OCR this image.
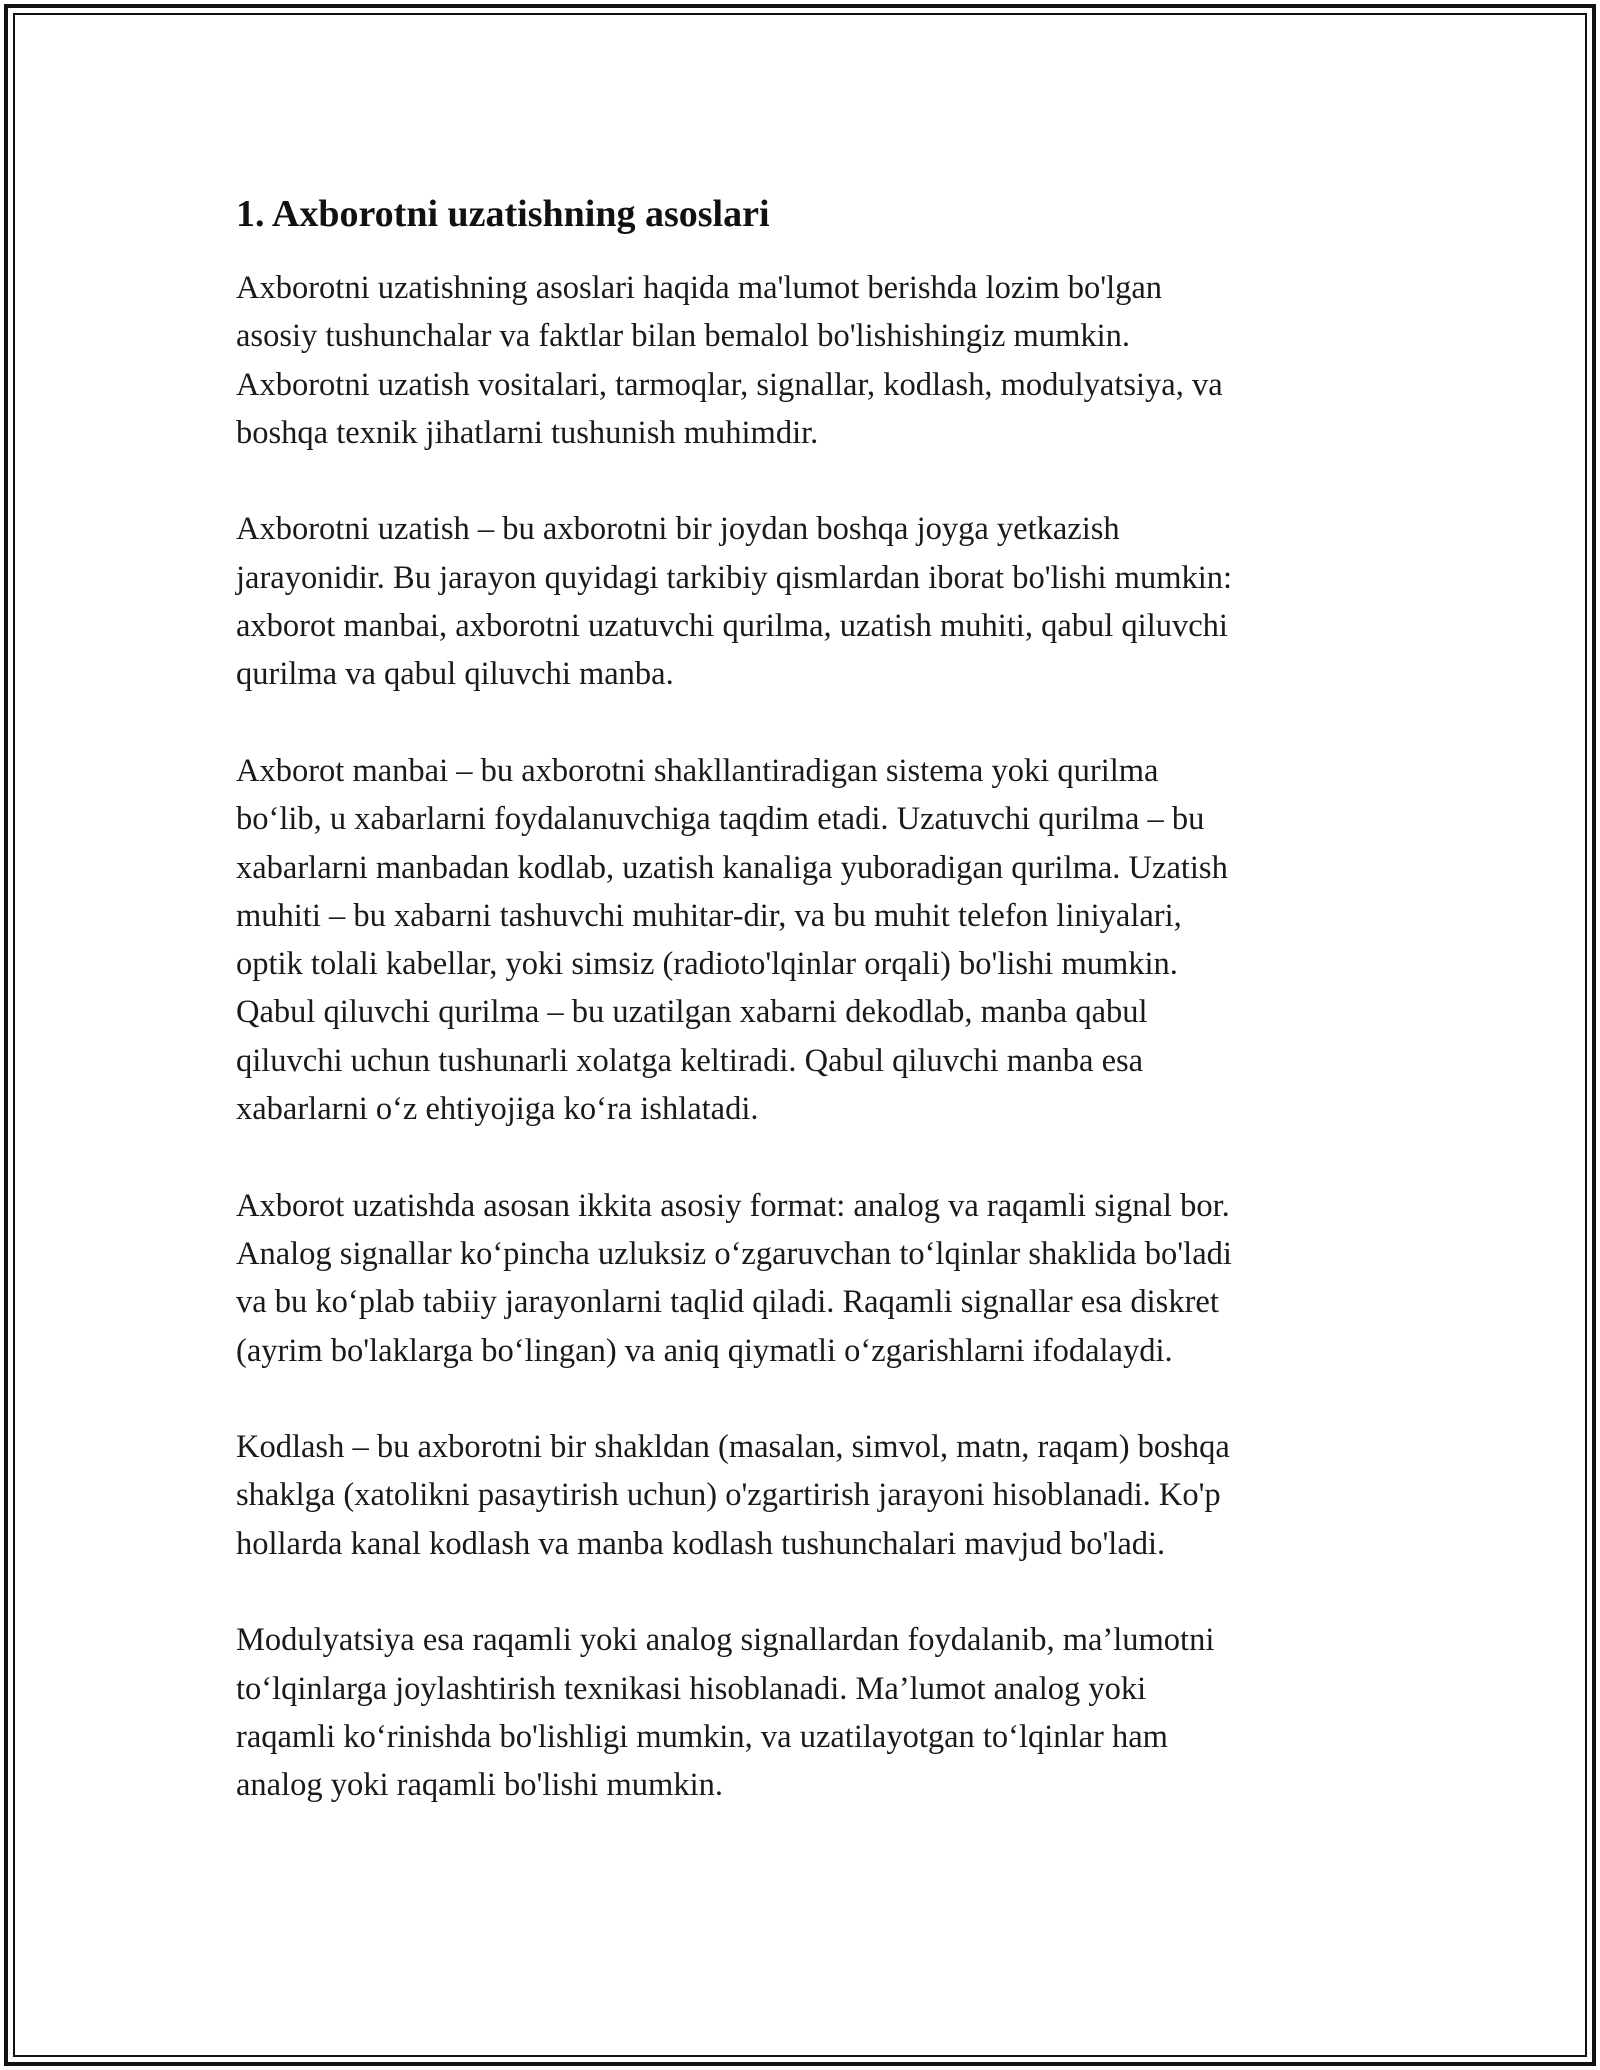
1. Axborotni uzatishning asoslari

Axborotni uzatishning asoslari haqida ma'lumot berishda lozim bo'lgan
asosiy tushunchalar va faktlar bilan bemalol bo'lishishingiz mumkin.
Axborotni uzatish vositalari, tarmoqlar, signallar, kodlash, modulyatsiya, va
boshqa texnik jihatlarni tushunish muhimdir.

Axborotni uzatish – bu axborotni bir joydan boshqa joyga yetkazish
jarayonidir. Bu jarayon quyidagi tarkibiy qismlardan iborat bo'lishi mumkin:
axborot manbai, axborotni uzatuvchi qurilma, uzatish muhiti, qabul qiluvchi
qurilma va qabul qiluvchi manba.

Axborot manbai – bu axborotni shakllantiradigan sistema yoki qurilma
bo‘lib, u xabarlarni foydalanuvchiga taqdim etadi. Uzatuvchi qurilma – bu
xabarlarni manbadan kodlab, uzatish kanaliga yuboradigan qurilma. Uzatish
muhiti – bu xabarni tashuvchi muhitar-dir, va bu muhit telefon liniyalari,
optik tolali kabellar, yoki simsiz (radioto'lqinlar orqali) bo'lishi mumkin.
Qabul qiluvchi qurilma – bu uzatilgan xabarni dekodlab, manba qabul
qiluvchi uchun tushunarli xolatga keltiradi. Qabul qiluvchi manba esa
xabarlarni o‘z ehtiyojiga ko‘ra ishlatadi.

Axborot uzatishda asosan ikkita asosiy format: analog va raqamli signal bor.
Analog signallar ko‘pincha uzluksiz o‘zgaruvchan to‘lqinlar shaklida bo'ladi
va bu ko‘plab tabiiy jarayonlarni taqlid qiladi. Raqamli signallar esa diskret
(ayrim bo'laklarga bo‘lingan) va aniq qiymatli o‘zgarishlarni ifodalaydi.

Kodlash – bu axborotni bir shakldan (masalan, simvol, matn, raqam) boshqa
shaklga (xatolikni pasaytirish uchun) o'zgartirish jarayoni hisoblanadi. Ko'p
hollarda kanal kodlash va manba kodlash tushunchalari mavjud bo'ladi.

Modulyatsiya esa raqamli yoki analog signallardan foydalanib, ma’lumotni
to‘lqinlarga joylashtirish texnikasi hisoblanadi. Ma’lumot analog yoki
raqamli ko‘rinishda bo'lishligi mumkin, va uzatilayotgan to‘lqinlar ham
analog yoki raqamli bo'lishi mumkin.
